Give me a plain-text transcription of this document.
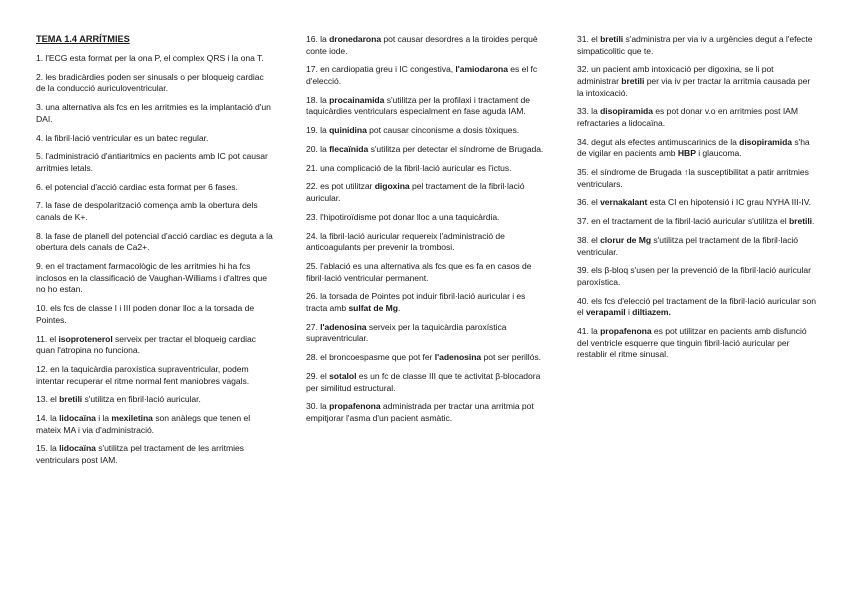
TEMA 1.4 ARRÍTMIES

1. l'ECG esta format per la ona P, el complex QRS i la ona T.

2. les bradicàrdies poden ser sinusals o per bloqueig cardiac de la conducció auriculoventricular.

3. una alternativa als fcs en les arritmies es la implantació d'un DAI.

4. la fibril·lació ventricular es un batec regular.

5. l'administració d'antiaritmics en pacients amb IC pot causar arritmies letals.

6. el potencial d'acció cardiac esta format per 6 fases.

7. la fase de despolarització comença amb la obertura dels canals de K+.

8. la fase de planell del potencial d'acció cardiac es deguta a la obertura dels canals de Ca2+.

9. en el tractament farmacològic de les arritmies hi ha fcs inclosos en la classificació de Vaughan-Williams i d'altres que no ho estan.

10. els fcs de classe I i III poden donar lloc a la torsada de Pointes.

11. el isoprotenerol serveix per tractar el bloqueig cardiac quan l'atropina no funciona.

12. en la taquicàrdia paroxística supraventricular, podem intentar recuperar el ritme normal fent maniobres vagals.

13. el bretili s'utilitza en fibril·lació auricular.

14. la lidocaïna i la mexiletina son anàlegs que tenen el mateix MA i via d'administració.

15. la lidocaïna s'utilitza pel tractament de les arritmies ventriculars post IAM.

16. la dronedarona pot causar desordres a la tiroides perquè conte iode.

17. en cardiopatia greu i IC congestiva, l'amiodarona es el fc d'elecció.

18. la procainamida s'utilitza per la profilaxi i tractament de taquicàrdies ventriculars especialment en fase aguda IAM.

19. la quinidina pot causar cinconisme a dosis tòxiques.

20. la flecaïnida s'utilitza per detectar el síndrome de Brugada.

21. una complicació de la fibril·lació auricular es l'ictus.

22. es pot utilitzar digoxina pel tractament de la fibril·lació auricular.

23. l'hipotiroïdisme pot donar lloc a una taquicàrdia.

24. la fibril·lació auricular requereix l'administració de anticoagulants per prevenir la trombosi.

25. l'ablació es una alternativa als fcs que es fa en casos de fibril·lació ventricular permanent.

26. la torsada de Pointes pot induir fibril·lació auricular i es tracta amb sulfat de Mg.

27. l'adenosina serveix per la taquicàrdia paroxística supraventricular.

28. el broncoespasme que pot fer l'adenosina pot ser perillós.

29. el sotalol es un fc de classe III que te activitat β-blocadora per similitud estructural.

30. la propafenona administrada per tractar una arritmia pot empitjorar l'asma d'un pacient asmàtic.

31. el bretili s'administra per via iv a urgències degut a l'efecte simpaticolitic que te.

32. un pacient amb intoxicació per digoxina, se li pot administrar bretili per via iv per tractar la arritmia causada per la intoxicació.

33. la disopiramida es pot donar v.o en arritmies post IAM refractaries a lidocaïna.

34. degut als efectes antimuscarinics de la disopiramida s'ha de vigilar en pacients amb HBP i glaucoma.

35. el síndrome de Brugada ↑la susceptibilitat a patir arritmies ventriculars.

36. el vernakalant esta CI en hipotensió i IC grau NYHA III-IV.

37. en el tractament de la fibril·lació auricular s'utilitza el bretili.

38. el clorur de Mg s'utilitza pel tractament de la fibril·lació ventricular.

39. els β-bloq s'usen per la prevenció de la fibril·lació auricular paroxística.

40. els fcs d'elecció pel tractament de la fibril·lació auricular son el verapamil i diltiazem.

41. la propafenona es pot utilitzar en pacients amb disfunció del ventricle esquerre que tinguin fibril·lació auricular per restablir el ritme sinusal.
